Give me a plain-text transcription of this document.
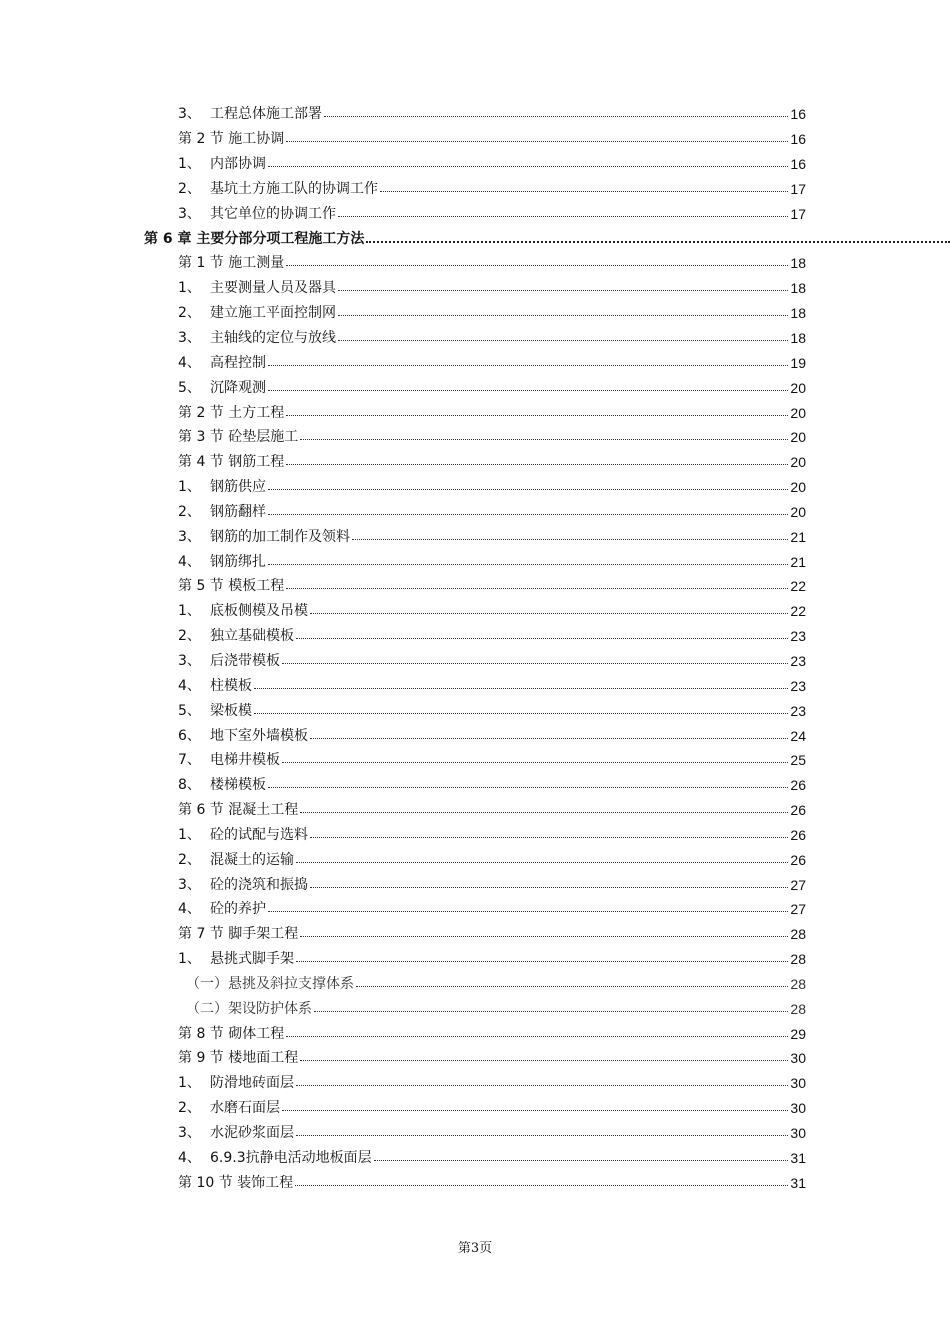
3、 工程总体施工部署	16
第 2 节 施工协调	16
1、 内部协调	16
2、 基坑土方施工队的协调工作	17
3、 其它单位的协调工作	17
第 6 章 主要分部分项工程施工方法
第 1 节 施工测量	18
1、 主要测量人员及器具	18
2、 建立施工平面控制网	18
3、 主轴线的定位与放线	18
4、 高程控制	19
5、 沉降观测	20
第 2 节 土方工程	20
第 3 节 砼垫层施工	20
第 4 节 钢筋工程	20
1、 钢筋供应	20
2、 钢筋翻样	20
3、 钢筋的加工制作及领料	21
4、 钢筋绑扎	21
第 5 节 模板工程	22
1、 底板侧模及吊模	22
2、 独立基础模板	23
3、 后浇带模板	23
4、 柱模板	23
5、 梁板模	23
6、 地下室外墙模板	24
7、 电梯井模板	25
8、 楼梯模板	26
第 6 节 混凝土工程	26
1、 砼的试配与选料	26
2、 混凝土的运输	26
3、 砼的浇筑和振捣	27
4、 砼的养护	27
第 7 节 脚手架工程	28
1、 悬挑式脚手架	28
（一）悬挑及斜拉支撑体系	28
（二）架设防护体系	28
第 8 节 砌体工程	29
第 9 节 楼地面工程	30
1、 防滑地砖面层	30
2、 水磨石面层	30
3、 水泥砂浆面层	30
4、 6.9.3抗静电活动地板面层	31
第 10 节 装饰工程	31
第3页
